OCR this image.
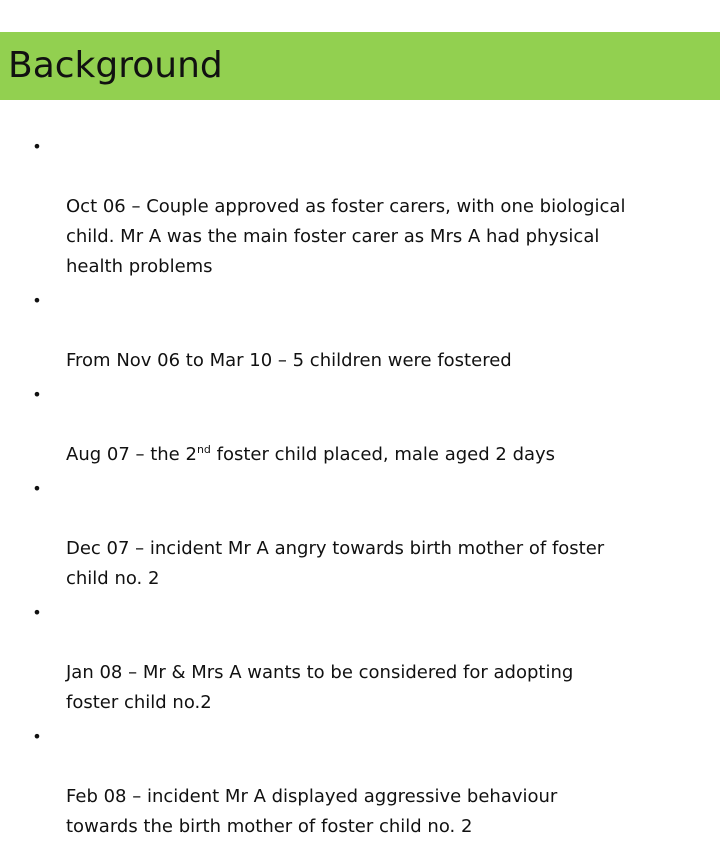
Background

•

Oct 06 – Couple approved as foster carers, with one biological
child. Mr A was the main foster carer as Mrs A had physical
health problems

•

From Nov 06 to Mar 10 – 5 children were fostered

•

Aug 07 – the 2nd foster child placed, male aged 2 days

•

Dec 07 – incident Mr A angry towards birth mother of foster
child no. 2

•

Jan 08 – Mr & Mrs A wants to be considered for adopting
foster child no.2

•

Feb 08 – incident Mr A displayed aggressive behaviour
towards the birth mother of foster child no. 2
